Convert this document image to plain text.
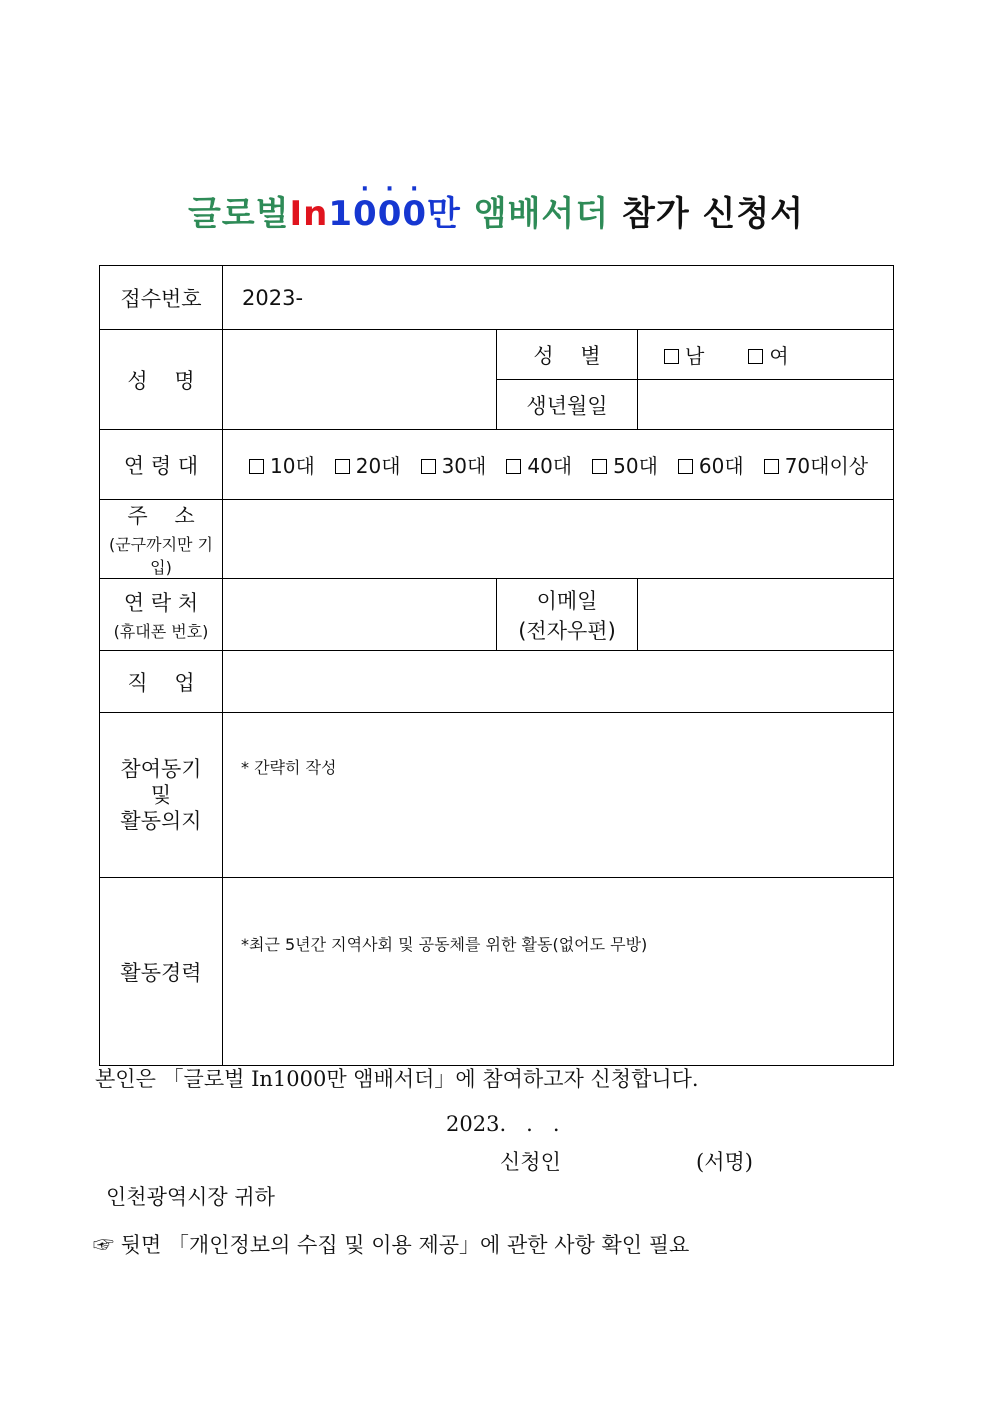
글로벌In1· 0· 0· 0만 앰배서더 참가 신청서
접수번호	2023-		
성    명		성    별	남 여
		생년월일	
연 령 대	10대 20대 30대 40대 50대 60대 70대이상		
주    소
(군구까지만 기입)			

연 락 처
(휴대폰 번호)		이메일
(전자우편)	
직    업			
참여동기
및
활동의지	* 간략히 작성		

활동경력	*최근 5년간 지역사회 및 공동체를 위한 활동(없어도 무방)		
본인은 「글로벌 In1000만 앰배서더」에 참여하고자 신청합니다.
2023.   .   .
신청인	(서명)
인천광역시장 귀하
☞ 뒷면 「개인정보의 수집 및 이용 제공」에 관한 사항 확인 필요
